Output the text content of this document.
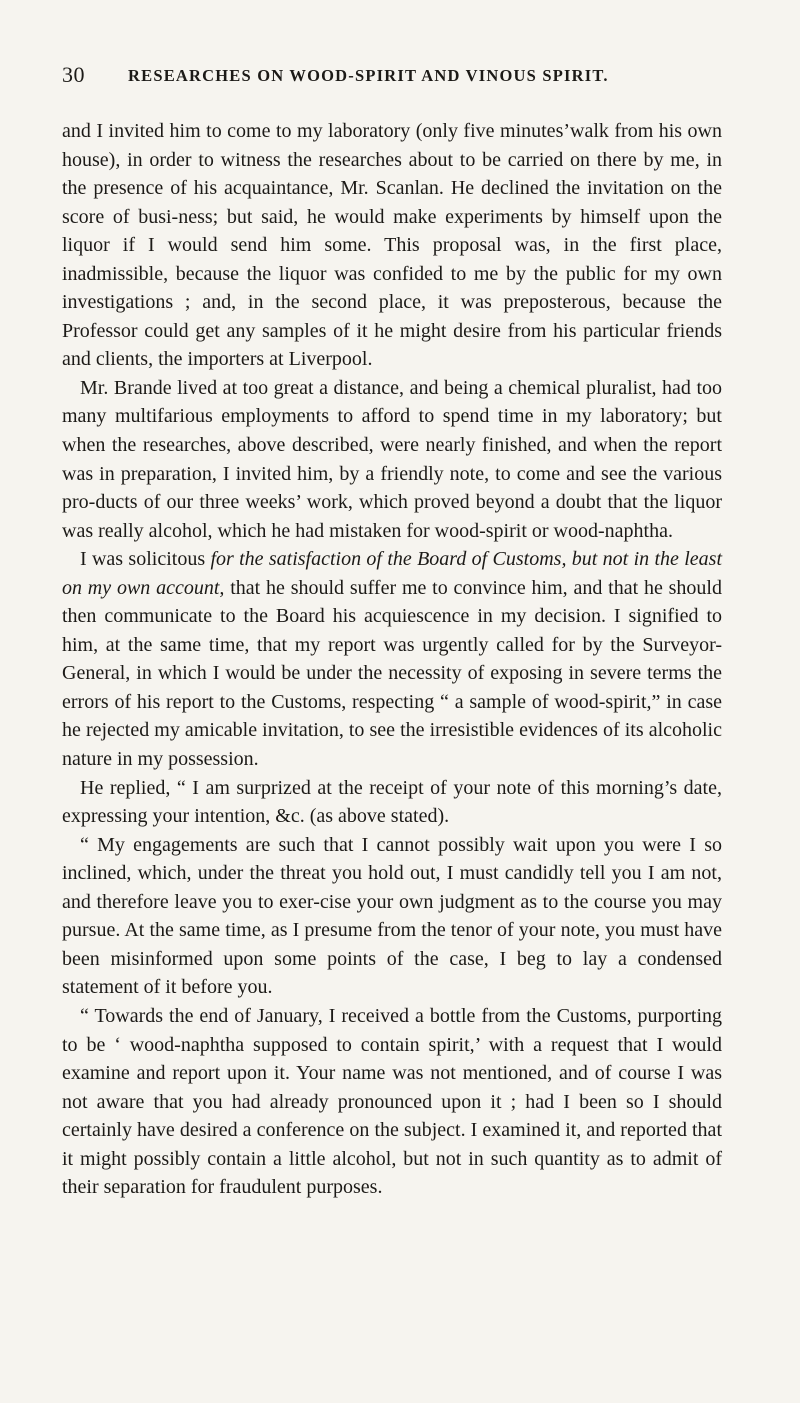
30	RESEARCHES ON WOOD-SPIRIT AND VINOUS SPIRIT.

and I invited him to come to my laboratory (only five minutes’walk from his own house), in order to witness the researches about to be carried on there by me, in the presence of his acquaintance, Mr. Scanlan. He declined the invitation on the score of busi-ness; but said, he would make experiments by himself upon the liquor if I would send him some. This proposal was, in the first place, inadmissible, because the liquor was confided to me by the public for my own investigations ; and, in the second place, it was preposterous, because the Professor could get any samples of it he might desire from his particular friends and clients, the importers at Liverpool.

Mr. Brande lived at too great a distance, and being a chemical pluralist, had too many multifarious employments to afford to spend time in my laboratory; but when the researches, above described, were nearly finished, and when the report was in preparation, I invited him, by a friendly note, to come and see the various pro-ducts of our three weeks’ work, which proved beyond a doubt that the liquor was really alcohol, which he had mistaken for wood-spirit or wood-naphtha.

I was solicitous for the satisfaction of the Board of Customs, but not in the least on my own account, that he should suffer me to convince him, and that he should then communicate to the Board his acquiescence in my decision. I signified to him, at the same time, that my report was urgently called for by the Surveyor-General, in which I would be under the necessity of exposing in severe terms the errors of his report to the Customs, respecting “ a sample of wood-spirit,” in case he rejected my amicable invitation, to see the irresistible evidences of its alcoholic nature in my possession.

He replied, “ I am surprized at the receipt of your note of this morning’s date, expressing your intention, &c. (as above stated).

“ My engagements are such that I cannot possibly wait upon you were I so inclined, which, under the threat you hold out, I must candidly tell you I am not, and therefore leave you to exer-cise your own judgment as to the course you may pursue. At the same time, as I presume from the tenor of your note, you must have been misinformed upon some points of the case, I beg to lay a condensed statement of it before you.

“ Towards the end of January, I received a bottle from the Customs, purporting to be ‘ wood-naphtha supposed to contain spirit,’ with a request that I would examine and report upon it. Your name was not mentioned, and of course I was not aware that you had already pronounced upon it ; had I been so I should certainly have desired a conference on the subject. I examined it, and reported that it might possibly contain a little alcohol, but not in such quantity as to admit of their separation for fraudulent purposes.
